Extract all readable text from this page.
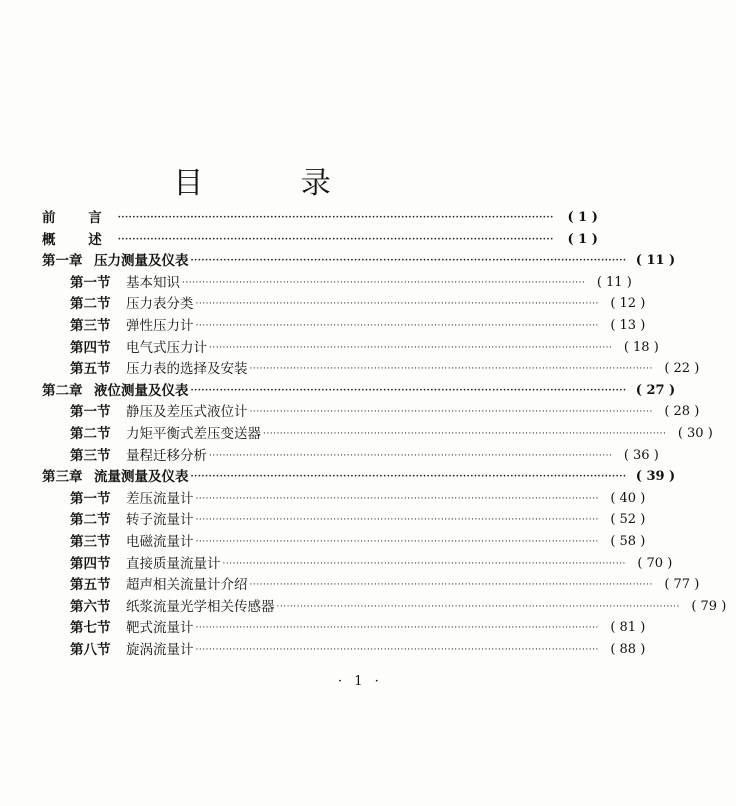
目 录
前 言 ························································································································	( 1 )
概 述 ························································································································	( 1 )
第一章 压力测量及仪表 ························································································································ ( 11 )
第一节	基本知识 ························································································································ ( 11 )
第二节	压力表分类 ························································································································ ( 12 )
第三节	弹性压力计 ························································································································ ( 13 )
第四节	电气式压力计 ························································································································ ( 18 )
第五节	压力表的选择及安装 ························································································································ ( 22 )
第二章 液位测量及仪表 ························································································································ ( 27 )
第一节	静压及差压式液位计 ························································································································ ( 28 )
第二节	力矩平衡式差压变送器 ························································································································ ( 30 )
第三节	量程迁移分析 ························································································································ ( 36 )
第三章 流量测量及仪表 ························································································································ ( 39 )
第一节	差压流量计 ························································································································ ( 40 )
第二节	转子流量计 ························································································································ ( 52 )
第三节	电磁流量计 ························································································································ ( 58 )
第四节	直接质量流量计 ························································································································ ( 70 )
第五节	超声相关流量计介绍 ························································································································ ( 77 )
第六节	纸浆流量光学相关传感器 ························································································································ ( 79 )
第七节	靶式流量计 ························································································································ ( 81 )
第八节	旋涡流量计 ························································································································ ( 88 )
· 1 ·
